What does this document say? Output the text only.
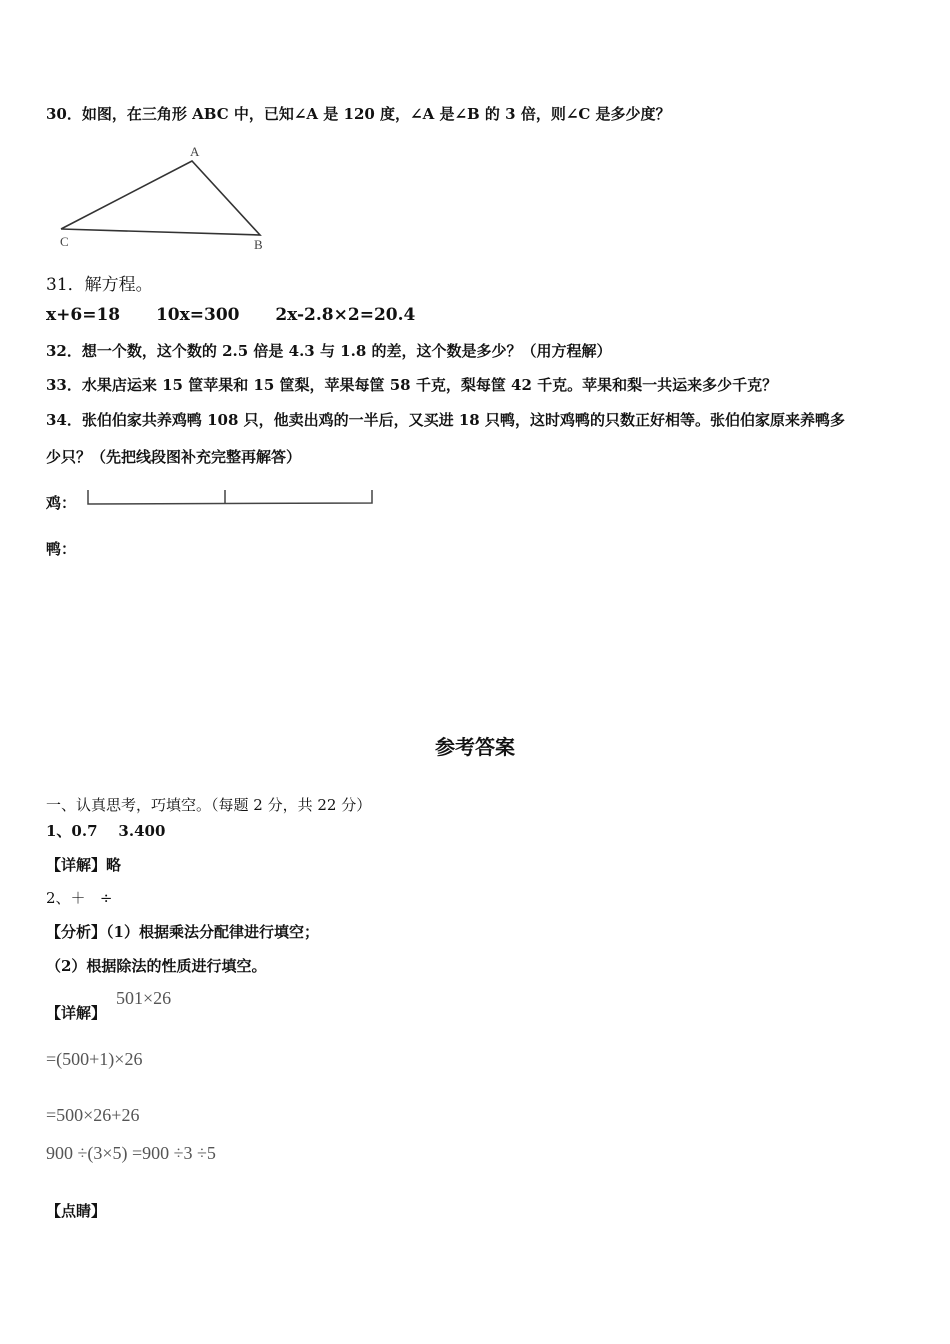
30．如图，在三角形 ABC 中，已知∠A 是 120 度，∠A 是∠B 的 3 倍，则∠C 是多少度？
A
B
C
31．解方程。
x+6=18 10x=300 2x-2.8×2=20.4
32．想一个数，这个数的 2.5 倍是 4.3 与 1.8 的差，这个数是多少？（用方程解）
33．水果店运来 15 筐苹果和 15 筐梨，苹果每筐 58 千克，梨每筐 42 千克。苹果和梨一共运来多少千克？
34．张伯伯家共养鸡鸭 108 只，他卖出鸡的一半后，又买进 18 只鸭，这时鸡鸭的只数正好相等。张伯伯家原来养鸭多
少只？（先把线段图补充完整再解答）
鸡：
鸭：
参考答案
一、认真思考，巧填空。（每题 2 分，共 22 分）
1、0.7    3.400
【详解】略
2、＋   ÷
【分析】（1）根据乘法分配律进行填空；
（2）根据除法的性质进行填空。
【详解】
501×26
=(500+1)×26
=500×26+26
900 ÷(3×5) =900 ÷3 ÷5
【点睛】
